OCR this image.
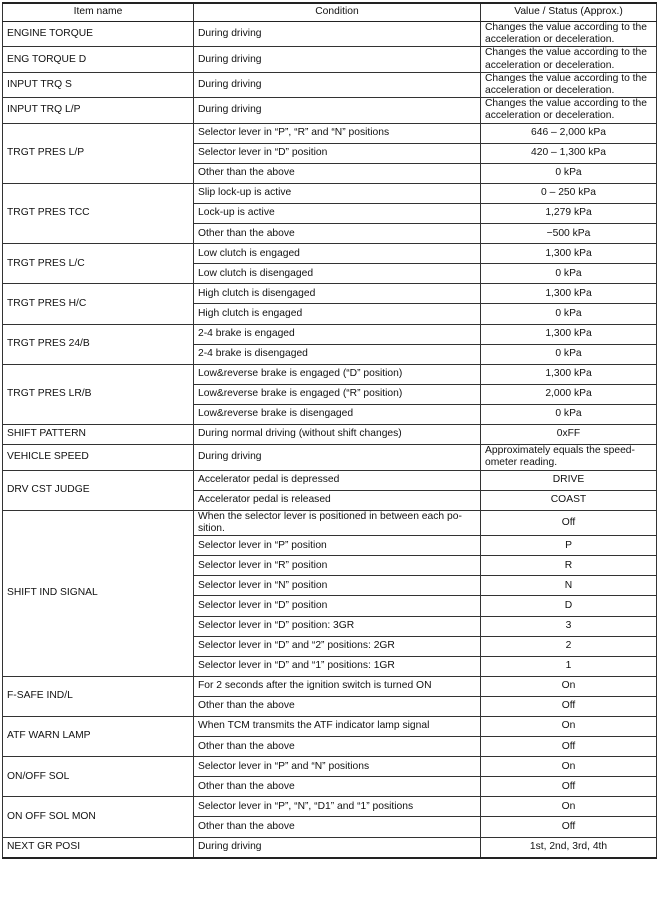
Item name	Condition	Value / Status (Approx.)
ENGINE TORQUE	During driving	Changes the value according to the acceleration or deceleration.
ENG TORQUE D	During driving	Changes the value according to the acceleration or deceleration.
INPUT TRQ S	During driving	Changes the value according to the acceleration or deceleration.
INPUT TRQ L/P	During driving	Changes the value according to the acceleration or deceleration.
TRGT PRES L/P	Selector lever in “P”, “R” and “N” positions	646 – 2,000 kPa
	Selector lever in “D” position	420 – 1,300 kPa
	Other than the above	0 kPa
TRGT PRES TCC	Slip lock-up is active	0 – 250 kPa
	Lock-up is active	1,279 kPa
	Other than the above	−500 kPa
TRGT PRES L/C	Low clutch is engaged	1,300 kPa
	Low clutch is disengaged	0 kPa
TRGT PRES H/C	High clutch is disengaged	1,300 kPa
	High clutch is engaged	0 kPa
TRGT PRES 24/B	2-4 brake is engaged	1,300 kPa
	2-4 brake is disengaged	0 kPa
TRGT PRES LR/B	Low&reverse brake is engaged (“D” position)	1,300 kPa
	Low&reverse brake is engaged (“R” position)	2,000 kPa
	Low&reverse brake is disengaged	0 kPa
SHIFT PATTERN	During normal driving (without shift changes)	0xFF
VEHICLE SPEED	During driving	Approximately equals the speed-ometer reading.
DRV CST JUDGE	Accelerator pedal is depressed	DRIVE
	Accelerator pedal is released	COAST
SHIFT IND SIGNAL	When the selector lever is positioned in between each po-sition.	Off
	Selector lever in “P” position	P
	Selector lever in “R” position	R
	Selector lever in “N” position	N
	Selector lever in “D” position	D
	Selector lever in “D” position: 3GR	3
	Selector lever in “D” and “2” positions: 2GR	2
	Selector lever in “D” and “1” positions: 1GR	1
F-SAFE IND/L	For 2 seconds after the ignition switch is turned ON	On
	Other than the above	Off
ATF WARN LAMP	When TCM transmits the ATF indicator lamp signal	On
	Other than the above	Off
ON/OFF SOL	Selector lever in “P” and “N” positions	On
	Other than the above	Off
ON OFF SOL MON	Selector lever in “P”, “N”, “D1” and “1” positions	On
	Other than the above	Off
NEXT GR POSI	During driving	1st, 2nd, 3rd, 4th
